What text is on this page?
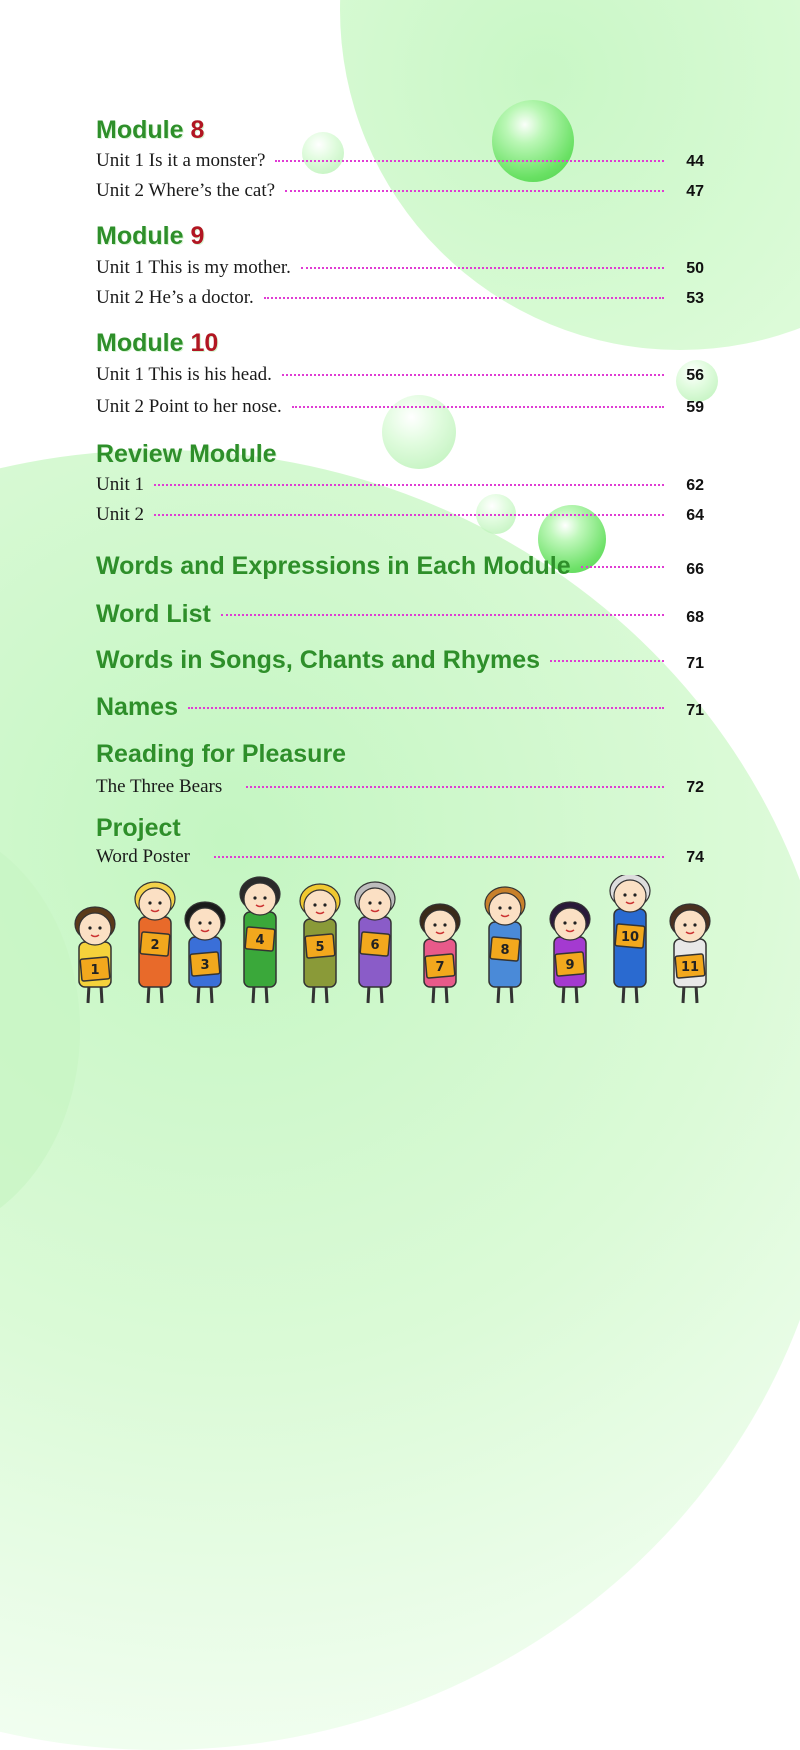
Module 8
Unit 1 Is it a monster?	44
Unit 2 Where’s the cat?	47
Module 9
Unit 1 This is my mother.	50
Unit 2 He’s a doctor.	53
Module 10
Unit 1 This is his head.	56
Unit 2 Point to her nose.	59
Review Module
Unit 1	62
Unit 2	64
Words and Expressions in Each Module	66
Word List	68
Words in Songs, Chants and Rhymes	71
Names	71
Reading for Pleasure
The Three Bears	72
Project
Word Poster	74
1
2
3
4	5	6
7
8
9
10
11
